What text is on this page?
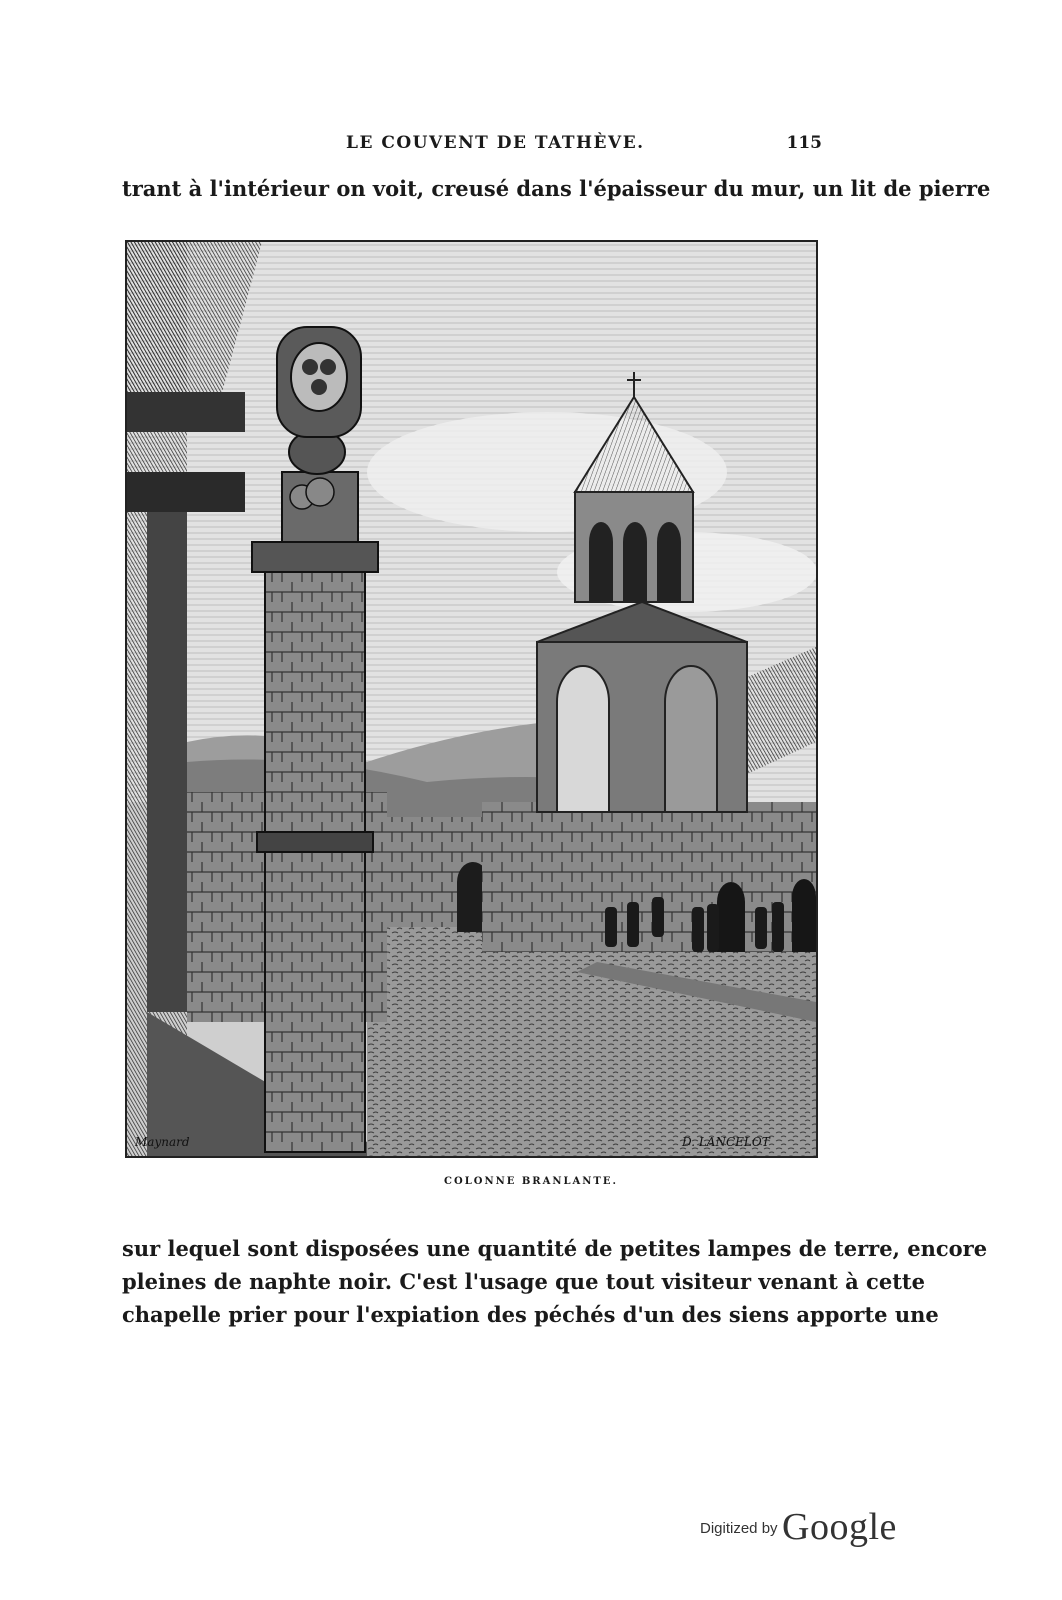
LE COUVENT DE TATHÈVE.	115
trant à l'intérieur on voit, creusé dans l'épaisseur du mur, un lit de pierre
Maynard	D. LANCELOT
COLONNE BRANLANTE.
sur lequel sont disposées une quantité de petites lampes de terre, encore
pleines de naphte noir. C'est l'usage que tout visiteur venant à cette
chapelle prier pour l'expiation des péchés d'un des siens apporte une
Digitized by Google
